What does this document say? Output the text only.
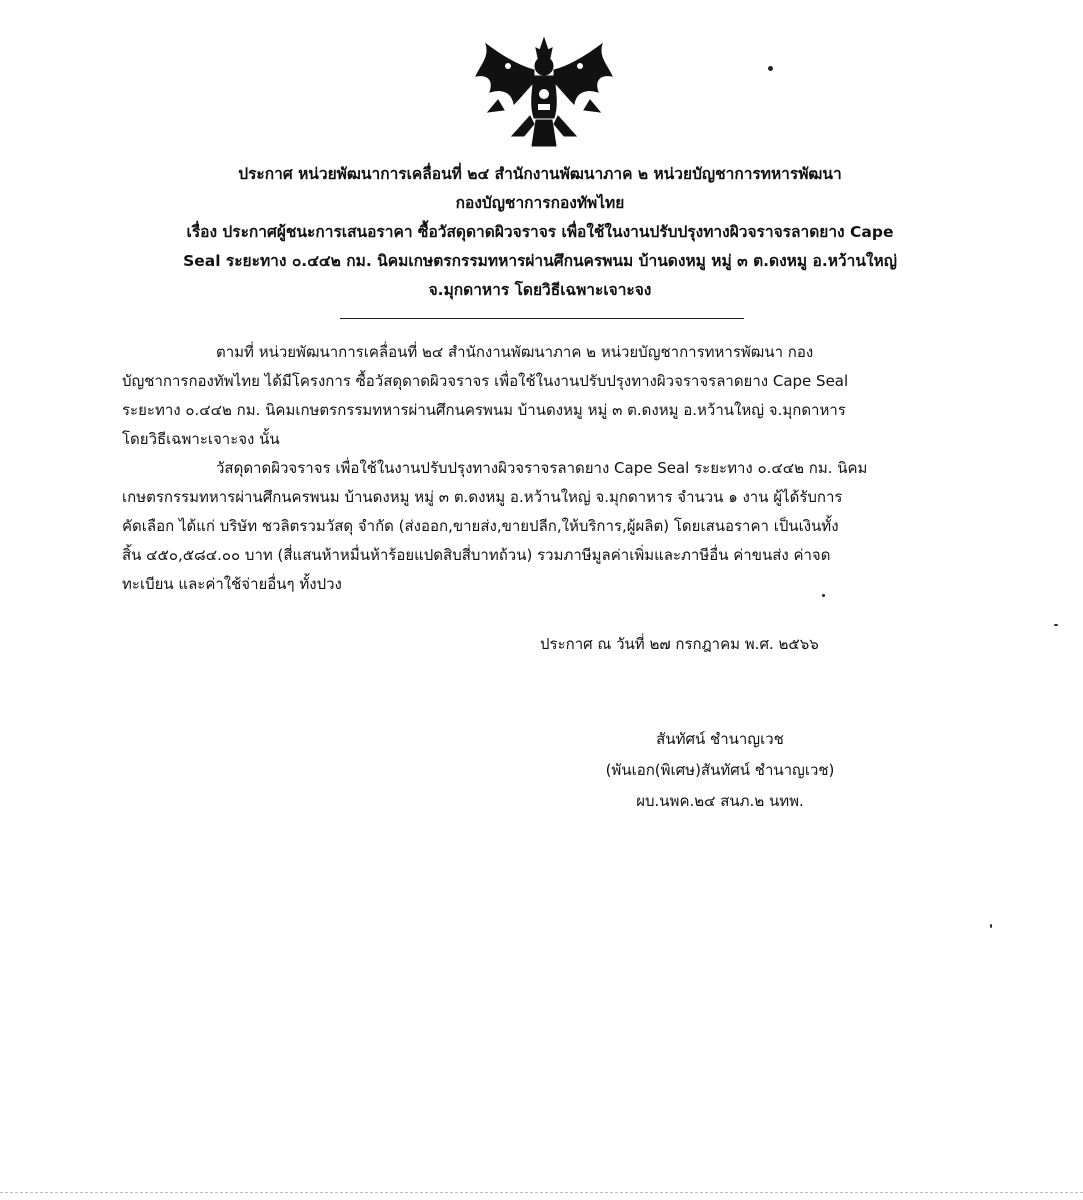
ประกาศ หน่วยพัฒนาการเคลื่อนที่ ๒๔ สำนักงานพัฒนาภาค ๒ หน่วยบัญชาการทหารพัฒนา
กองบัญชาการกองทัพไทย
เรื่อง ประกาศผู้ชนะการเสนอราคา ซื้อวัสดุดาดผิวจราจร เพื่อใช้ในงานปรับปรุงทางผิวจราจรลาดยาง Cape
Seal ระยะทาง ๐.๔๔๒ กม. นิคมเกษตรกรรมทหารผ่านศึกนครพนม บ้านดงหมู หมู่ ๓ ต.ดงหมู อ.หว้านใหญ่
จ.มุกดาหาร โดยวิธีเฉพาะเจาะจง
ตามที่ หน่วยพัฒนาการเคลื่อนที่ ๒๔ สำนักงานพัฒนาภาค ๒ หน่วยบัญชาการทหารพัฒนา กอง
บัญชาการกองทัพไทย ได้มีโครงการ ซื้อวัสดุดาดผิวจราจร เพื่อใช้ในงานปรับปรุงทางผิวจราจรลาดยาง Cape Seal
ระยะทาง ๐.๔๔๒ กม. นิคมเกษตรกรรมทหารผ่านศึกนครพนม บ้านดงหมู หมู่ ๓ ต.ดงหมู อ.หว้านใหญ่ จ.มุกดาหาร
โดยวิธีเฉพาะเจาะจง นั้น
วัสดุดาดผิวจราจร เพื่อใช้ในงานปรับปรุงทางผิวจราจรลาดยาง Cape Seal ระยะทาง ๐.๔๔๒ กม. นิคม
เกษตรกรรมทหารผ่านศึกนครพนม บ้านดงหมู หมู่ ๓ ต.ดงหมู อ.หว้านใหญ่ จ.มุกดาหาร จำนวน ๑ งาน ผู้ได้รับการ
คัดเลือก ได้แก่ บริษัท ชวลิตรวมวัสดุ จำกัด (ส่งออก,ขายส่ง,ขายปลีก,ให้บริการ,ผู้ผลิต) โดยเสนอราคา เป็นเงินทั้ง
สิ้น ๔๕๐,๕๘๔.๐๐ บาท (สี่แสนห้าหมื่นห้าร้อยแปดสิบสี่บาทถ้วน) รวมภาษีมูลค่าเพิ่มและภาษีอื่น ค่าขนส่ง ค่าจด
ทะเบียน และค่าใช้จ่ายอื่นๆ ทั้งปวง
ประกาศ ณ วันที่ ๒๗ กรกฎาคม พ.ศ. ๒๕๖๖
สันทัศน์ ชำนาญเวช
(พันเอก(พิเศษ)สันทัศน์ ชำนาญเวช)
ผบ.นพค.๒๔ สนภ.๒ นทพ.
